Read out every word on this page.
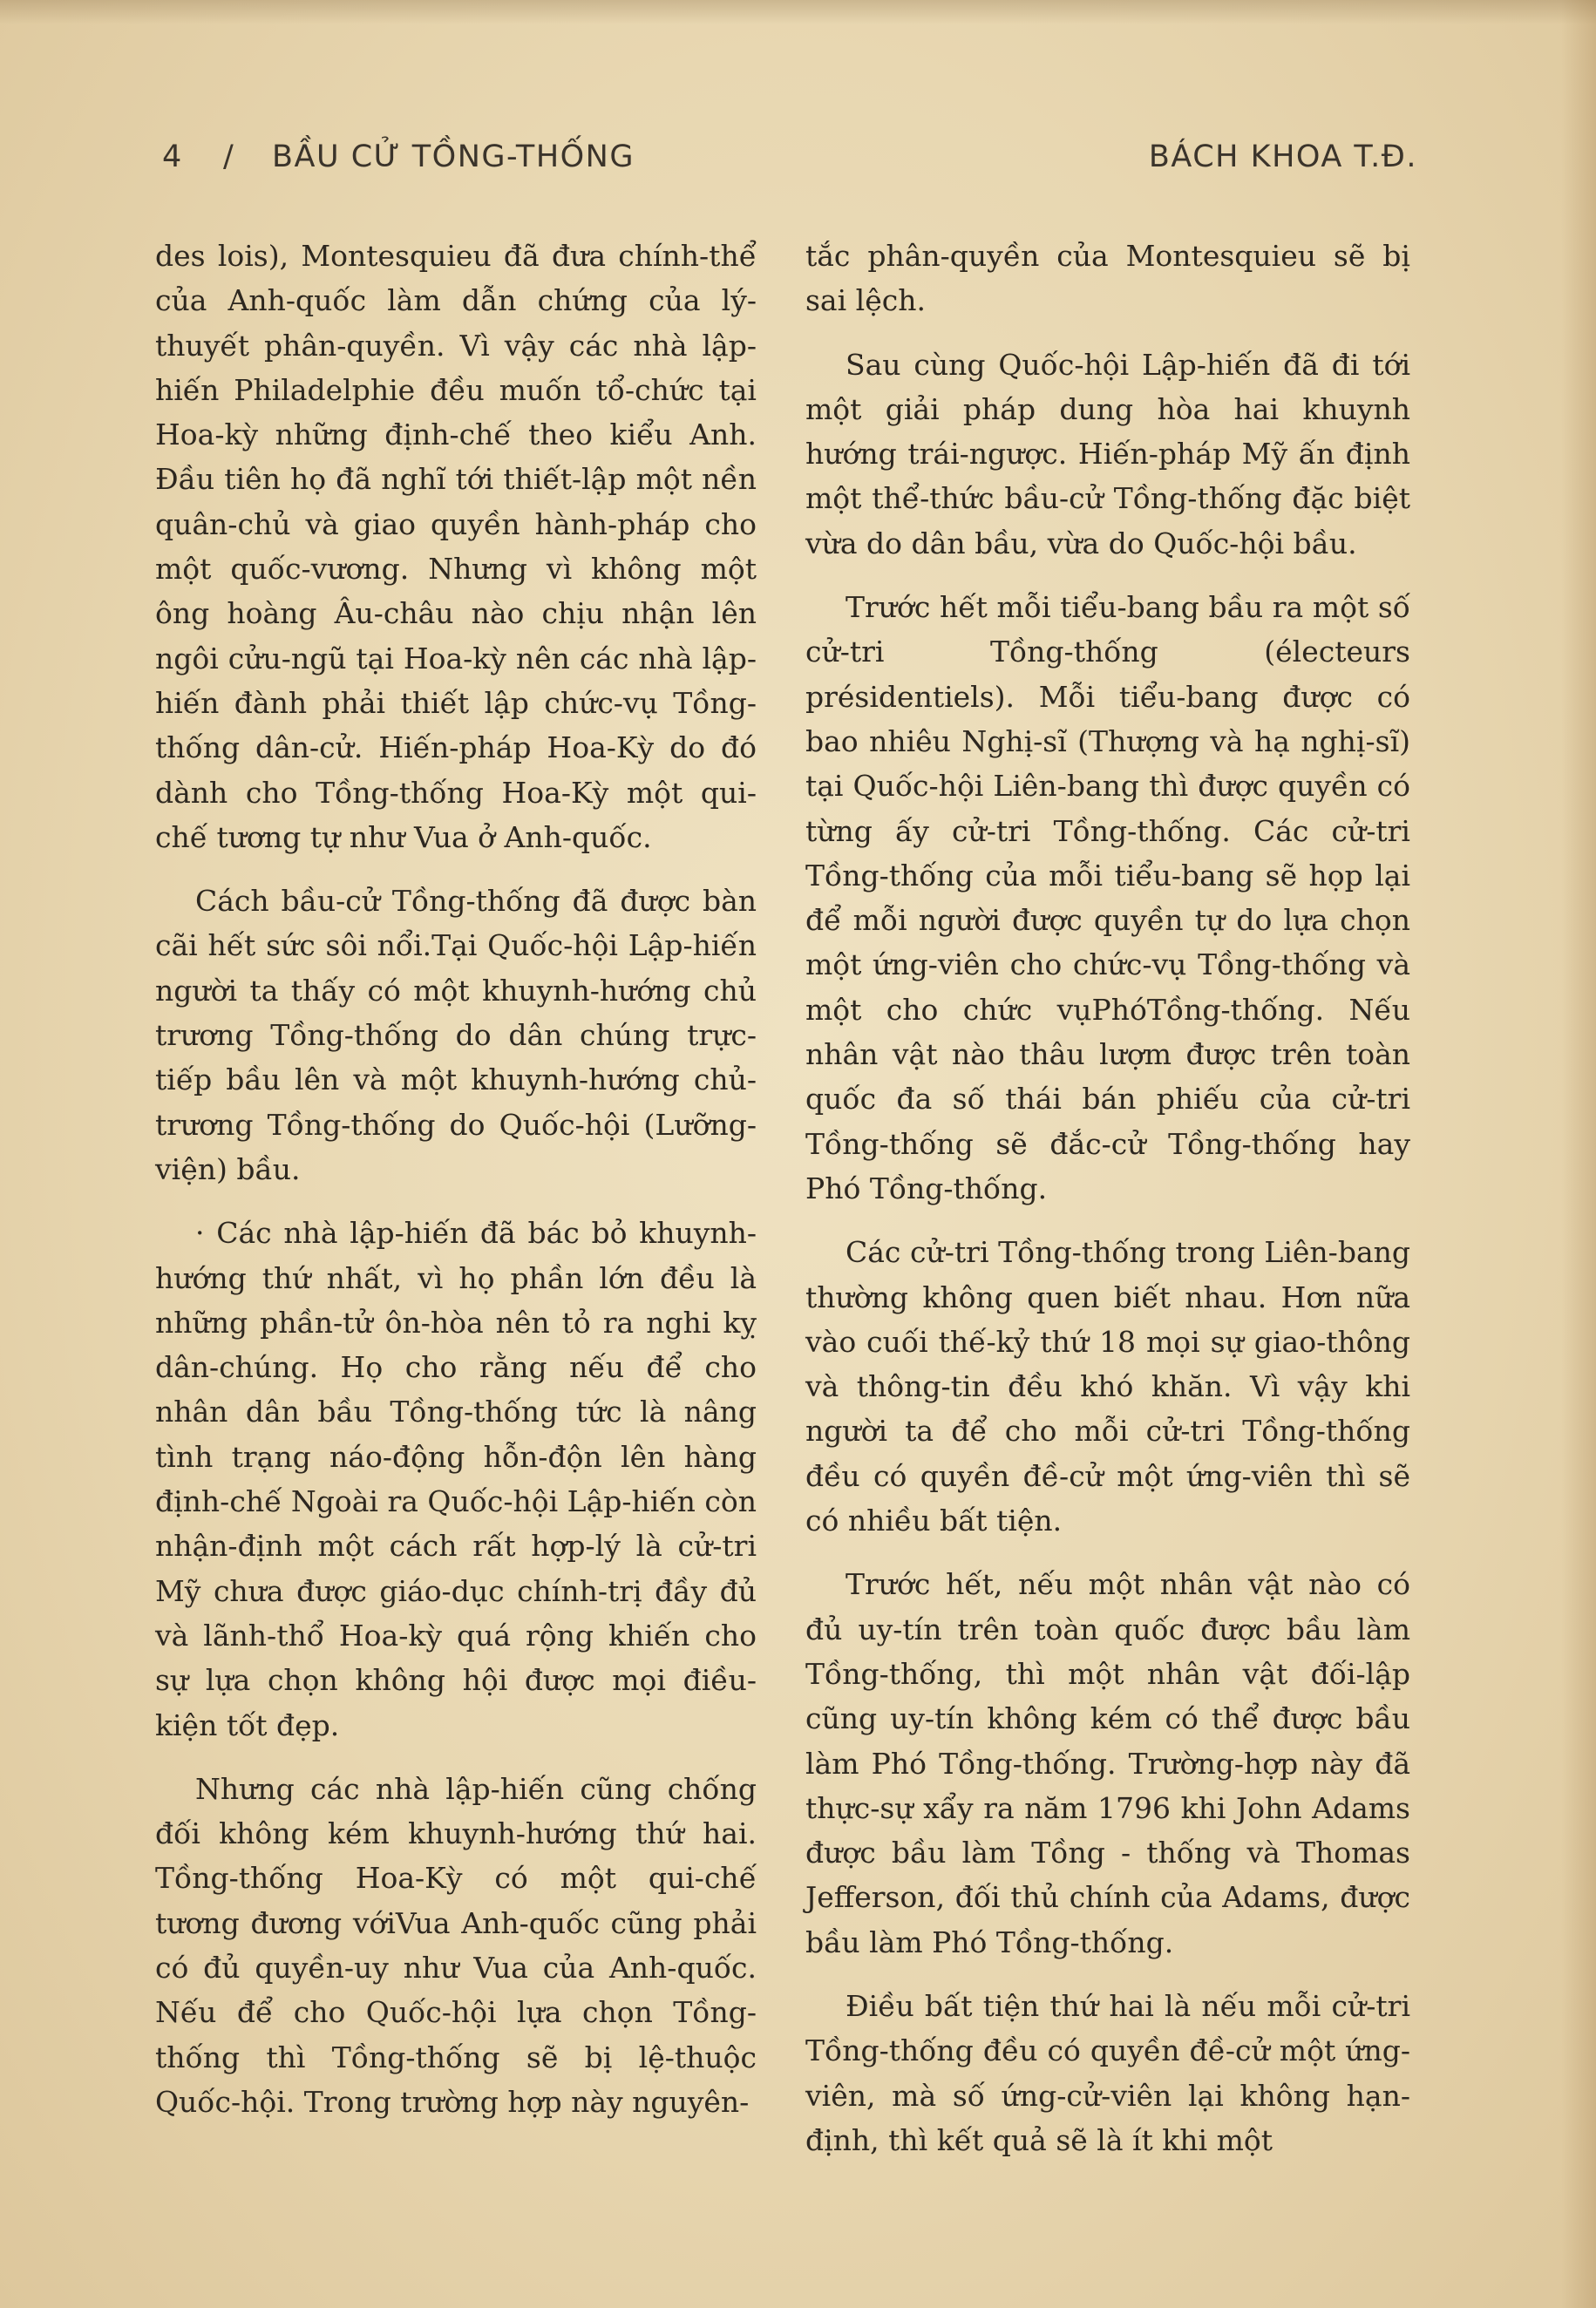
4 / BẦU CỬ TỒNG-THỐNG	BÁCH KHOA T.Đ.

des lois), Montesquieu đã đưa chính-thể của Anh-quốc làm dẫn chứng của lý-thuyết phân-quyền. Vì vậy các nhà lập-hiến Philadelphie đều muốn tổ-chức tại Hoa-kỳ những định-chế theo kiểu Anh. Đầu tiên họ đã nghĩ tới thiết-lập một nền quân-chủ và giao quyền hành-pháp cho một quốc-vương. Nhưng vì không một ông hoàng Âu-châu nào chịu nhận lên ngôi cửu-ngũ tại Hoa-kỳ nên các nhà lập-hiến đành phải thiết lập chức-vụ Tồng-thống dân-cử. Hiến-pháp Hoa-Kỳ do đó dành cho Tồng-thống Hoa-Kỳ một qui-chế tương tự như Vua ở Anh-quốc.

Cách bầu-cử Tồng-thống đã được bàn cãi hết sức sôi nổi.Tại Quốc-hội Lập-hiến người ta thấy có một khuynh-hướng chủ trương Tồng-thống do dân chúng trực-tiếp bầu lên và một khuynh-hướng chủ-trương Tồng-thống do Quốc-hội (Lưỡng-viện) bầu.

· Các nhà lập-hiến đã bác bỏ khuynh-hướng thứ nhất, vì họ phần lớn đều là những phần-tử ôn-hòa nên tỏ ra nghi kỵ dân-chúng. Họ cho rằng nếu để cho nhân dân bầu Tồng-thống tức là nâng tình trạng náo-động hỗn-độn lên hàng định-chế Ngoài ra Quốc-hội Lập-hiến còn nhận-định một cách rất hợp-lý là cử-tri Mỹ chưa được giáo-dục chính-trị đầy đủ và lãnh-thổ Hoa-kỳ quá rộng khiến cho sự lựa chọn không hội được mọi điều-kiện tốt đẹp.

Nhưng các nhà lập-hiến cũng chống đối không kém khuynh-hướng thứ hai. Tồng-thống Hoa-Kỳ có một qui-chế tương đương vớiVua Anh-quốc cũng phải có đủ quyền-uy như Vua của Anh-quốc. Nếu để cho Quốc-hội lựa chọn Tồng-thống thì Tồng-thống sẽ bị lệ-thuộc Quốc-hội. Trong trường hợp này nguyên-

tắc phân-quyền của Montesquieu sẽ bị sai lệch.

Sau cùng Quốc-hội Lập-hiến đã đi tới một giải pháp dung hòa hai khuynh hướng trái-ngược. Hiến-pháp Mỹ ấn định một thể-thức bầu-cử Tồng-thống đặc biệt vừa do dân bầu, vừa do Quốc-hội bầu.

Trước hết mỗi tiểu-bang bầu ra một số cử-tri Tồng-thống (électeurs présidentiels). Mỗi tiểu-bang được có bao nhiêu Nghị-sĩ (Thượng và hạ nghị-sĩ) tại Quốc-hội Liên-bang thì được quyền có từng ấy cử-tri Tồng-thống. Các cử-tri Tồng-thống của mỗi tiểu-bang sẽ họp lại để mỗi người được quyền tự do lựa chọn một ứng-viên cho chức-vụ Tồng-thống và một cho chức vụPhóTồng-thống. Nếu nhân vật nào thâu lượm được trên toàn quốc đa số thái bán phiếu của cử-tri Tồng-thống sẽ đắc-cử Tồng-thống hay Phó Tồng-thống.

Các cử-tri Tồng-thống trong Liên-bang thường không quen biết nhau. Hơn nữa vào cuối thế-kỷ thứ 18 mọi sự giao-thông và thông-tin đều khó khăn. Vì vậy khi người ta để cho mỗi cử-tri Tồng-thống đều có quyền đề-cử một ứng-viên thì sẽ có nhiều bất tiện.

Trước hết, nếu một nhân vật nào có đủ uy-tín trên toàn quốc được bầu làm Tồng-thống, thì một nhân vật đối-lập cũng uy-tín không kém có thể được bầu làm Phó Tồng-thống. Trường-hợp này đã thực-sự xẩy ra năm 1796 khi John Adams được bầu làm Tồng - thống và Thomas Jefferson, đối thủ chính của Adams, được bầu làm Phó Tồng-thống.

Điều bất tiện thứ hai là nếu mỗi cử-tri Tồng-thống đều có quyền đề-cử một ứng-viên, mà số ứng-cử-viên lại không hạn-định, thì kết quả sẽ là ít khi một
